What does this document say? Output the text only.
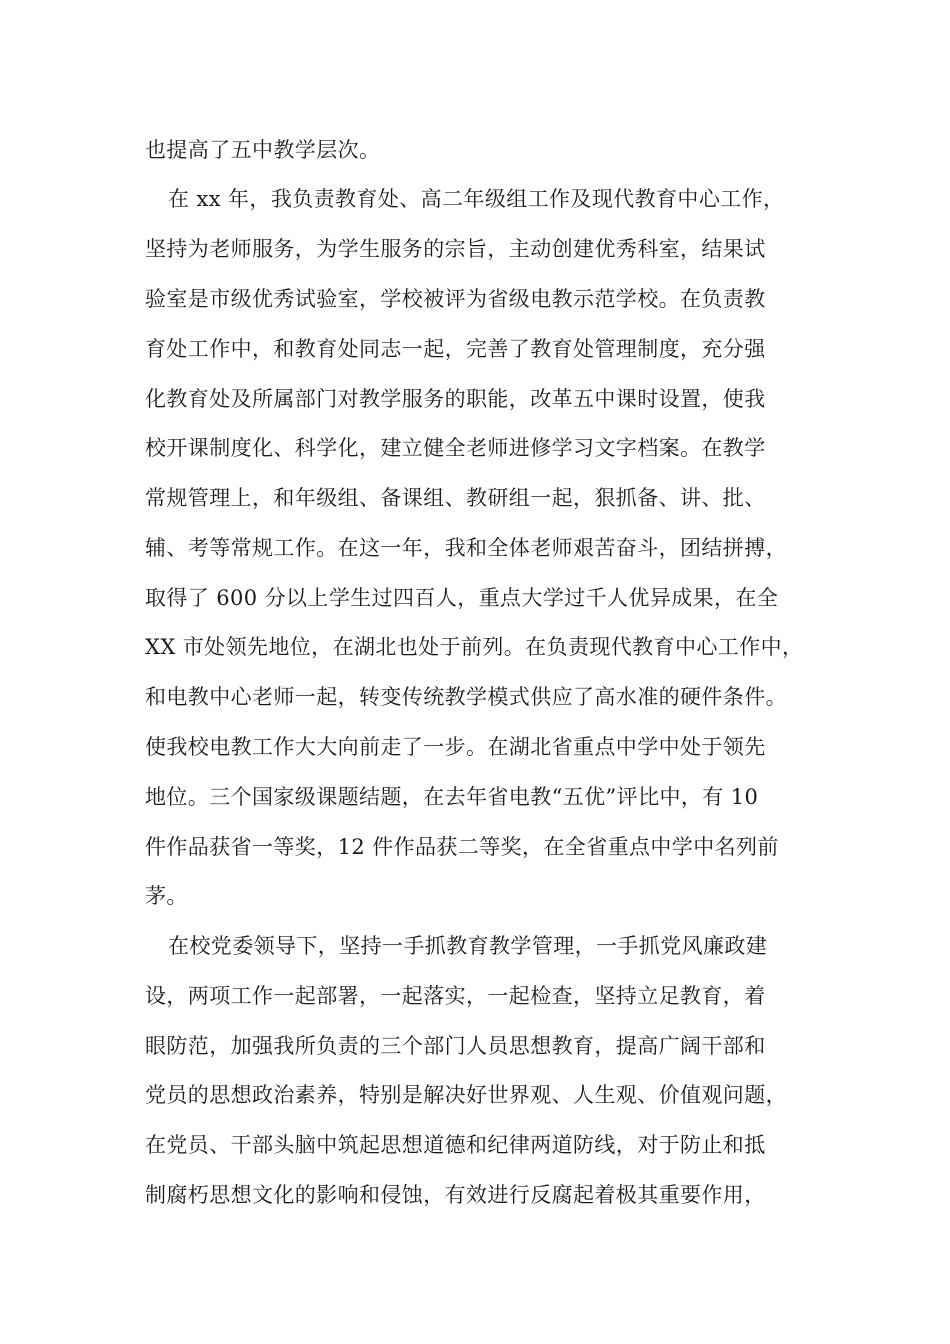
也提高了五中教学层次。
在 xx 年，我负责教育处、高二年级组工作及现代教育中心工作，
坚持为老师服务，为学生服务的宗旨，主动创建优秀科室，结果试
验室是市级优秀试验室，学校被评为省级电教示范学校。在负责教
育处工作中，和教育处同志一起，完善了教育处管理制度，充分强
化教育处及所属部门对教学服务的职能，改革五中课时设置，使我
校开课制度化、科学化，建立健全老师进修学习文字档案。在教学
常规管理上，和年级组、备课组、教研组一起，狠抓备、讲、批、
辅、考等常规工作。在这一年，我和全体老师艰苦奋斗，团结拼搏，
取得了 600 分以上学生过四百人，重点大学过千人优异成果，在全
XX 市处领先地位，在湖北也处于前列。在负责现代教育中心工作中，
和电教中心老师一起，转变传统教学模式供应了高水准的硬件条件。
使我校电教工作大大向前走了一步。在湖北省重点中学中处于领先
地位。三个国家级课题结题，在去年省电教“五优”评比中，有 10
件作品获省一等奖，12 件作品获二等奖，在全省重点中学中名列前
茅。
在校党委领导下，坚持一手抓教育教学管理，一手抓党风廉政建
设，两项工作一起部署，一起落实，一起检查，坚持立足教育，着
眼防范，加强我所负责的三个部门人员思想教育，提高广阔干部和
党员的思想政治素养，特别是解决好世界观、人生观、价值观问题，
在党员、干部头脑中筑起思想道德和纪律两道防线，对于防止和抵
制腐朽思想文化的影响和侵蚀，有效进行反腐起着极其重要作用，
